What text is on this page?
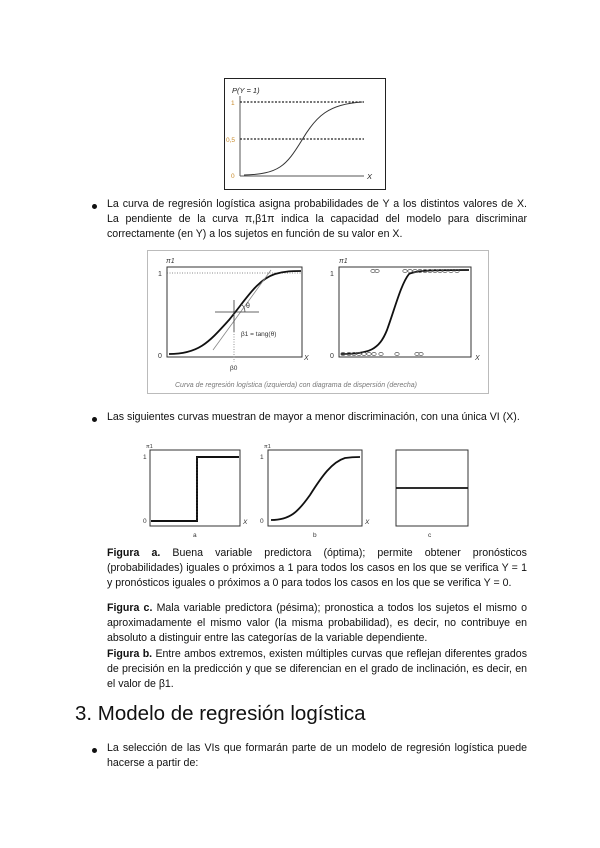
P(Y = 1)
1
0,5
0	X

La curva de regresión logística asigna probabilidades de Y a los distintos valores de X. La pendiente de la curva π,β1π indica la capacidad del modelo para discriminar correctamente (en Y) a los sujetos en función de su valor en X.

π1
1
0
θ
β1 = tang(θ)
β0
X
π1
1
0	X
Curva de regresión logística (izquierda) con diagrama de dispersión (derecha)

Las siguientes curvas muestran de mayor a menor discriminación, con una única VI (X).

π1
1
0	X
a
π1
1
0	X
b	c

Figura a. Buena variable predictora (óptima); permite obtener pronósticos (probabilidades) iguales o próximos a 1 para todos los casos en los que se verifica Y = 1 y pronósticos iguales o próximos a 0 para todos los casos en los que se verifica Y = 0.

Figura c. Mala variable predictora (pésima); pronostica a todos los sujetos el mismo o aproximadamente el mismo valor (la misma probabilidad), es decir, no contribuye en absoluto a distinguir entre las categorías de la variable dependiente.

Figura b. Entre ambos extremos, existen múltiples curvas que reflejan diferentes grados de precisión en la predicción y que se diferencian en el grado de inclinación, es decir, en el valor de β1.

3. Modelo de regresión logística

La selección de las VIs que formarán parte de un modelo de regresión logística puede hacerse a partir de:
